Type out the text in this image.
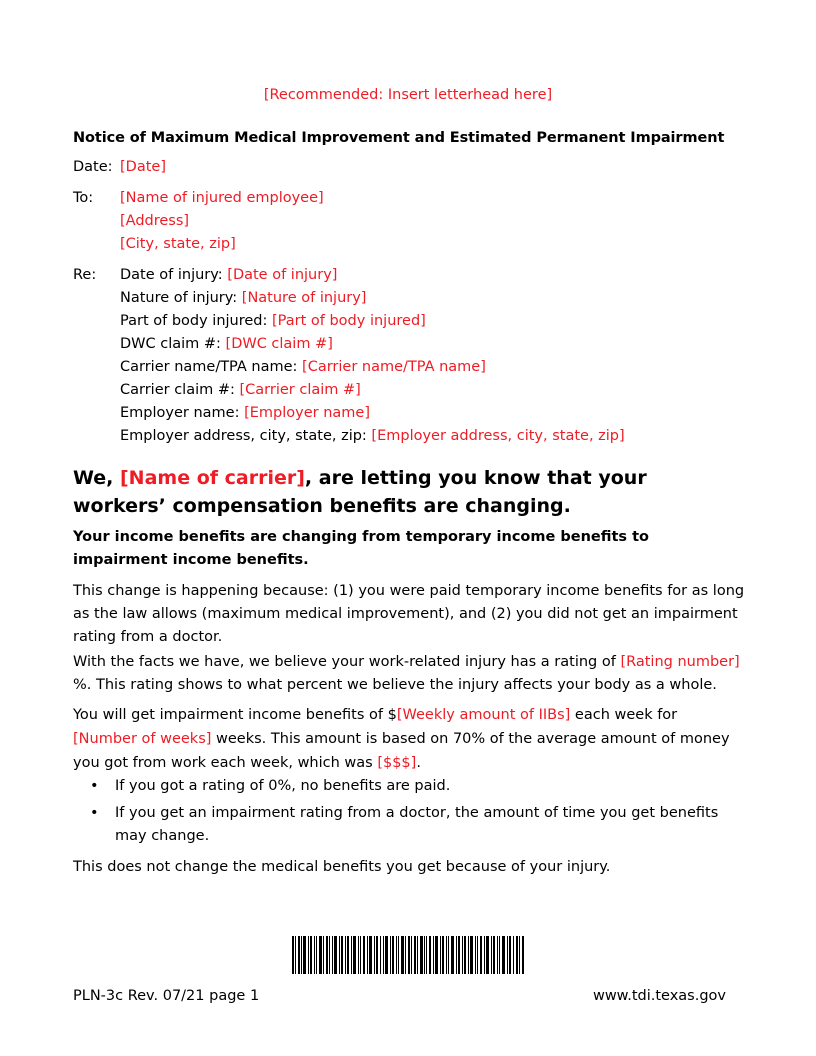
[Recommended: Insert letterhead here]
Notice of Maximum Medical Improvement and Estimated Permanent Impairment
Date: [Date]
To: [Name of injured employee]
[Address]
[City, state, zip]
Re: Date of injury: [Date of injury]
Nature of injury: [Nature of injury]
Part of body injured: [Part of body injured]
DWC claim #: [DWC claim #]
Carrier name/TPA name: [Carrier name/TPA name]
Carrier claim #: [Carrier claim #]
Employer name: [Employer name]
Employer address, city, state, zip: [Employer address, city, state, zip]
We, [Name of carrier], are letting you know that your workers’ compensation benefits are changing.
Your income benefits are changing from temporary income benefits to impairment income benefits.
This change is happening because: (1) you were paid temporary income benefits for as long as the law allows (maximum medical improvement), and (2) you did not get an impairment rating from a doctor.
With the facts we have, we believe your work-related injury has a rating of [Rating number] %. This rating shows to what percent we believe the injury affects your body as a whole.
You will get impairment income benefits of $[Weekly amount of IIBs] each week for [Number of weeks] weeks. This amount is based on 70% of the average amount of money you got from work each week, which was [$$$].
• If you got a rating of 0%, no benefits are paid.
• If you get an impairment rating from a doctor, the amount of time you get benefits may change.
This does not change the medical benefits you get because of your injury.
PLN-3c Rev. 07/21 page 1	www.tdi.texas.gov
